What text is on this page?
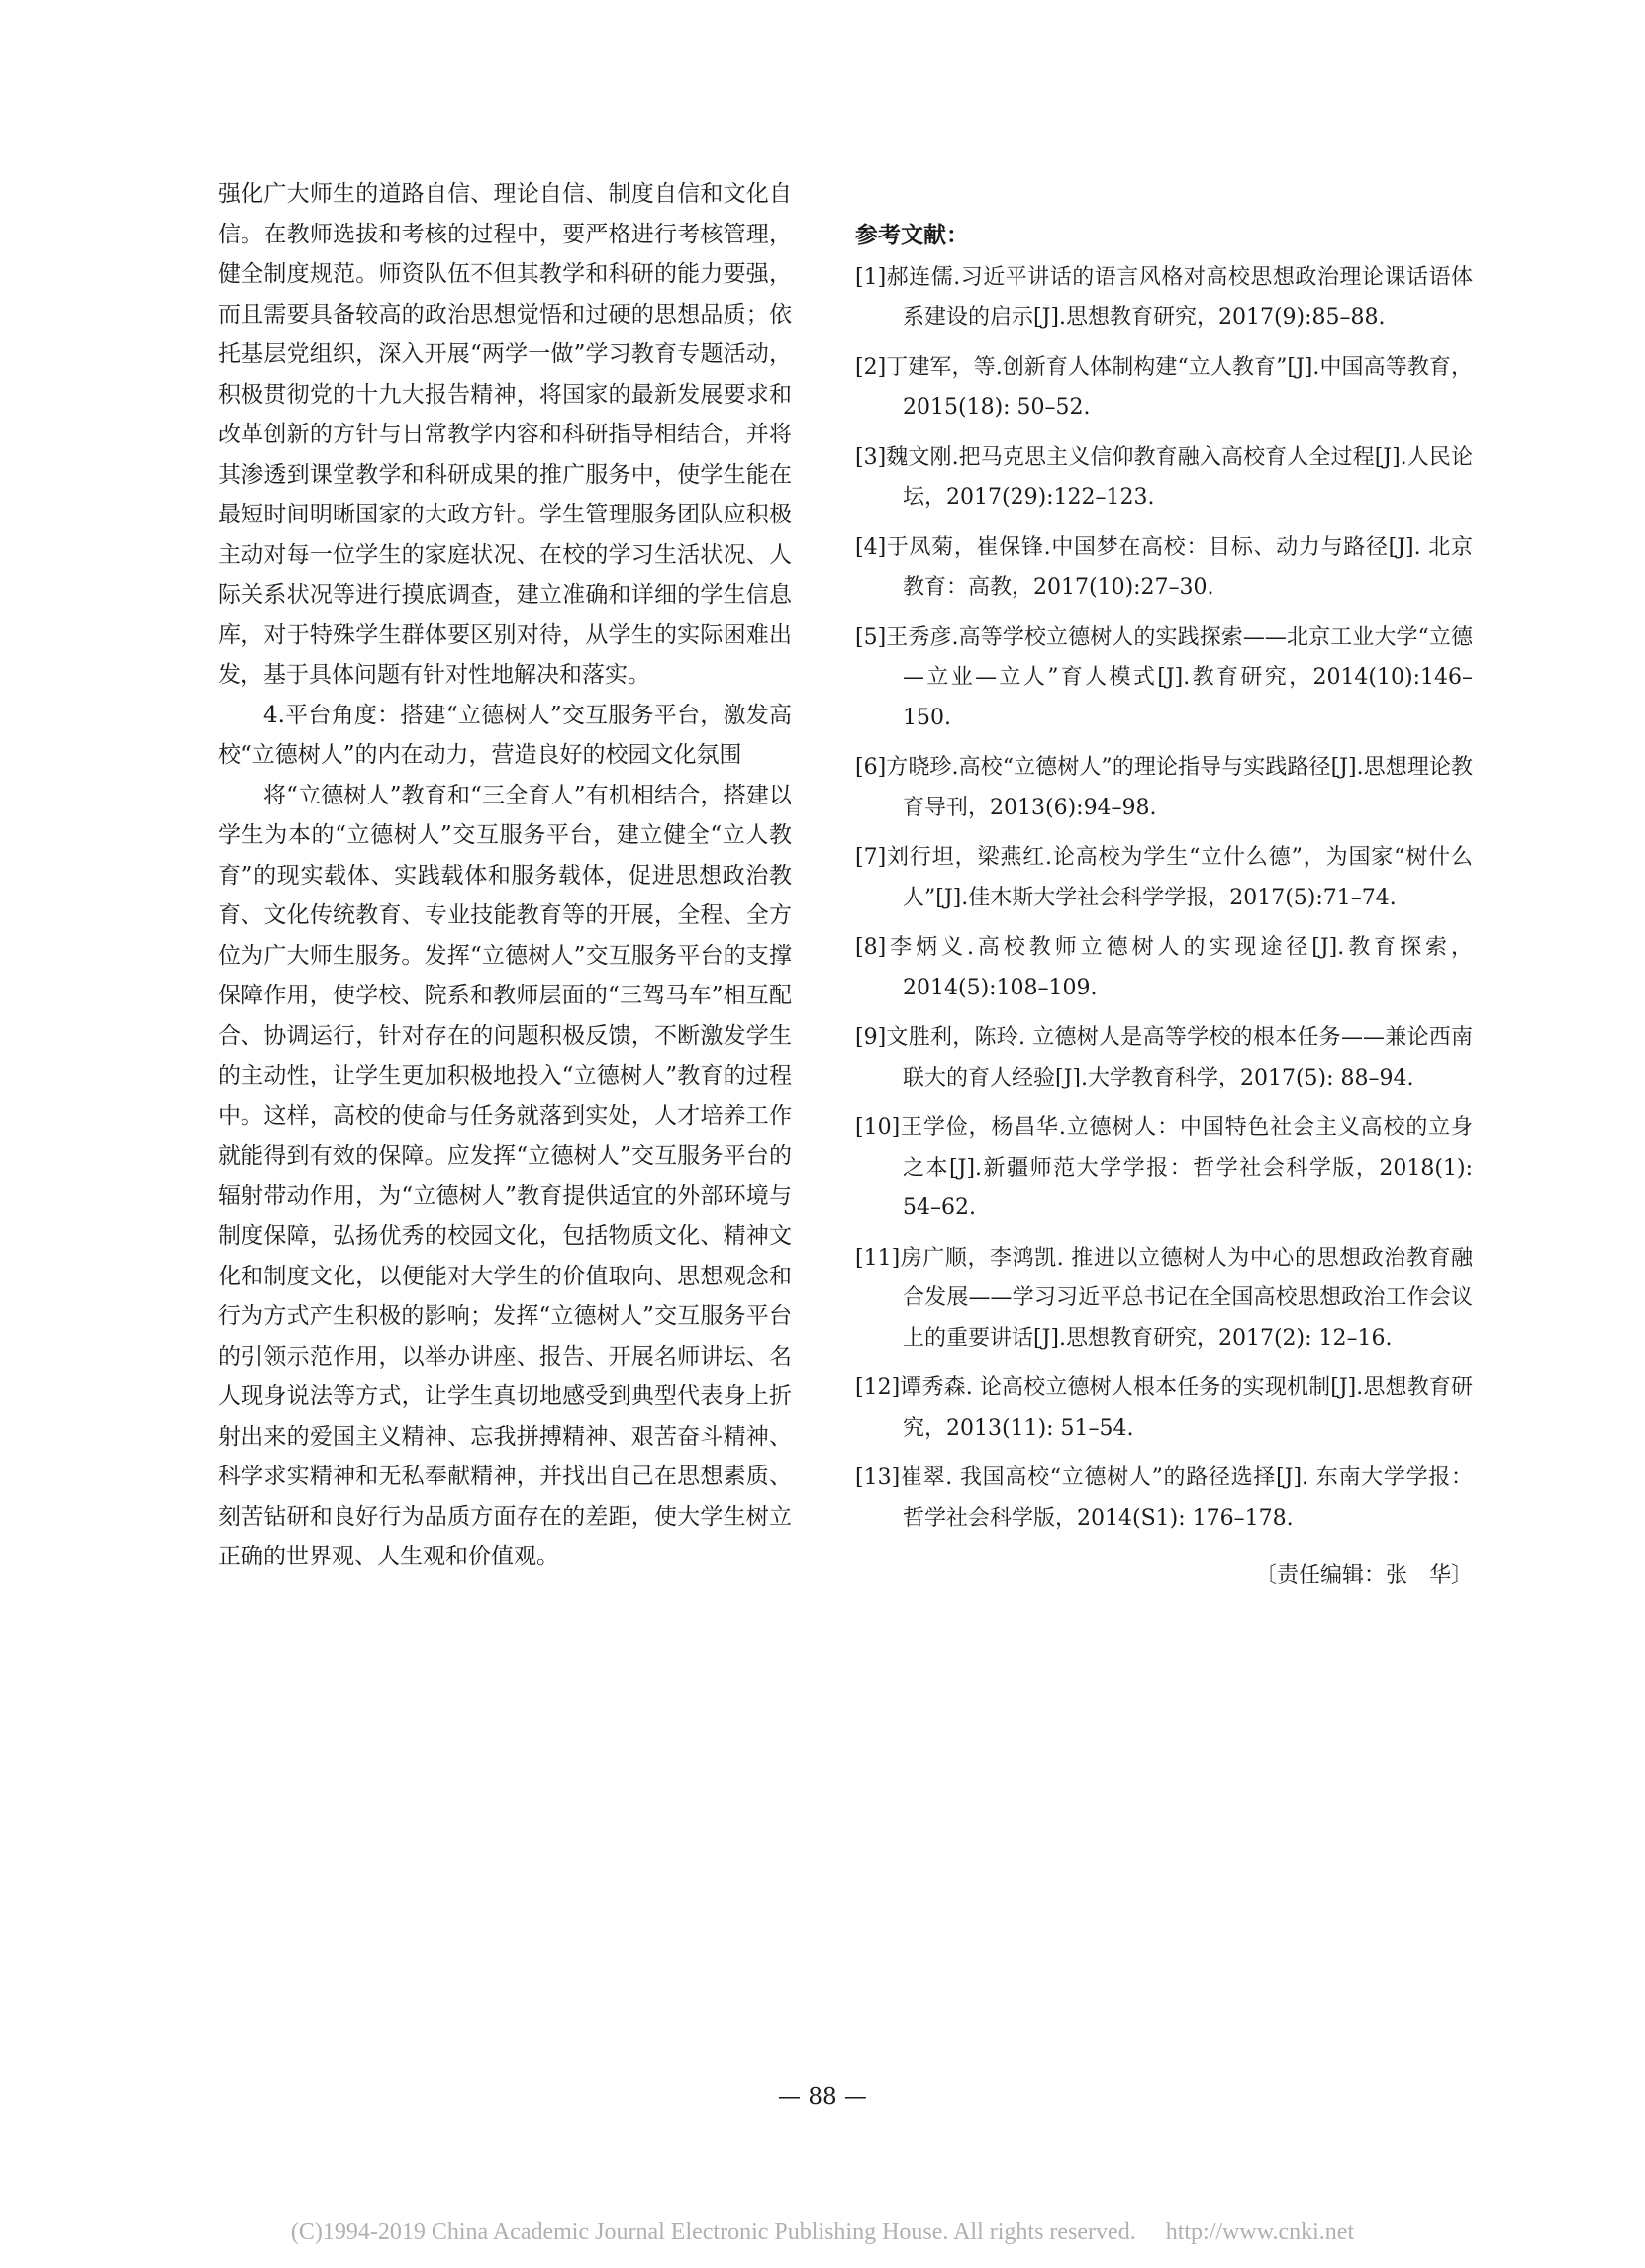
强化广大师生的道路自信、理论自信、制度自信和文化自信。在教师选拔和考核的过程中，要严格进行考核管理，健全制度规范。师资队伍不但其教学和科研的能力要强，而且需要具备较高的政治思想觉悟和过硬的思想品质；依托基层党组织，深入开展“两学一做”学习教育专题活动，积极贯彻党的十九大报告精神，将国家的最新发展要求和改革创新的方针与日常教学内容和科研指导相结合，并将其渗透到课堂教学和科研成果的推广服务中，使学生能在最短时间明晰国家的大政方针。学生管理服务团队应积极主动对每一位学生的家庭状况、在校的学习生活状况、人际关系状况等进行摸底调查，建立准确和详细的学生信息库，对于特殊学生群体要区别对待，从学生的实际困难出发，基于具体问题有针对性地解决和落实。

4.平台角度：搭建“立德树人”交互服务平台，激发高校“立德树人”的内在动力，营造良好的校园文化氛围

将“立德树人”教育和“三全育人”有机相结合，搭建以学生为本的“立德树人”交互服务平台，建立健全“立人教育”的现实载体、实践载体和服务载体，促进思想政治教育、文化传统教育、专业技能教育等的开展，全程、全方位为广大师生服务。发挥“立德树人”交互服务平台的支撑保障作用，使学校、院系和教师层面的“三驾马车”相互配合、协调运行，针对存在的问题积极反馈，不断激发学生的主动性，让学生更加积极地投入“立德树人”教育的过程中。这样，高校的使命与任务就落到实处，人才培养工作就能得到有效的保障。应发挥“立德树人”交互服务平台的辐射带动作用，为“立德树人”教育提供适宜的外部环境与制度保障，弘扬优秀的校园文化，包括物质文化、精神文化和制度文化，以便能对大学生的价值取向、思想观念和行为方式产生积极的影响；发挥“立德树人”交互服务平台的引领示范作用，以举办讲座、报告、开展名师讲坛、名人现身说法等方式，让学生真切地感受到典型代表身上折射出来的爱国主义精神、忘我拼搏精神、艰苦奋斗精神、科学求实精神和无私奉献精神，并找出自己在思想素质、刻苦钻研和良好行为品质方面存在的差距，使大学生树立正确的世界观、人生观和价值观。

参考文献：
[1]郝连儒.习近平讲话的语言风格对高校思想政治理论课话语体系建设的启示[J].思想教育研究，2017(9):85–88.
[2]丁建军，等.创新育人体制构建“立人教育”[J].中国高等教育，2015(18): 50–52.
[3]魏文刚.把马克思主义信仰教育融入高校育人全过程[J].人民论坛，2017(29):122–123.
[4]于凤菊，崔保锋.中国梦在高校：目标、动力与路径[J]. 北京教育：高教，2017(10):27–30.
[5]王秀彦.高等学校立德树人的实践探索——北京工业大学“立德—立业—立人”育人模式[J].教育研究，2014(10):146–150.
[6]方晓珍.高校“立德树人”的理论指导与实践路径[J].思想理论教育导刊，2013(6):94–98.
[7]刘行坦，梁燕红.论高校为学生“立什么德”，为国家“树什么人”[J].佳木斯大学社会科学学报，2017(5):71–74.
[8]李炳义.高校教师立德树人的实现途径[J].教育探索，2014(5):108–109.
[9]文胜利，陈玲. 立德树人是高等学校的根本任务——兼论西南联大的育人经验[J].大学教育科学，2017(5): 88–94.
[10]王学俭，杨昌华.立德树人：中国特色社会主义高校的立身之本[J].新疆师范大学学报：哲学社会科学版，2018(1): 54–62.
[11]房广顺，李鸿凯. 推进以立德树人为中心的思想政治教育融合发展——学习习近平总书记在全国高校思想政治工作会议上的重要讲话[J].思想教育研究，2017(2): 12–16.
[12]谭秀森. 论高校立德树人根本任务的实现机制[J].思想教育研究，2013(11): 51–54.
[13]崔翠. 我国高校“立德树人”的路径选择[J]. 东南大学学报：哲学社会科学版，2014(S1): 176–178.
〔责任编辑：张　华〕
— 88 —
(C)1994-2019 China Academic Journal Electronic Publishing House. All rights reserved.　 http://www.cnki.net
